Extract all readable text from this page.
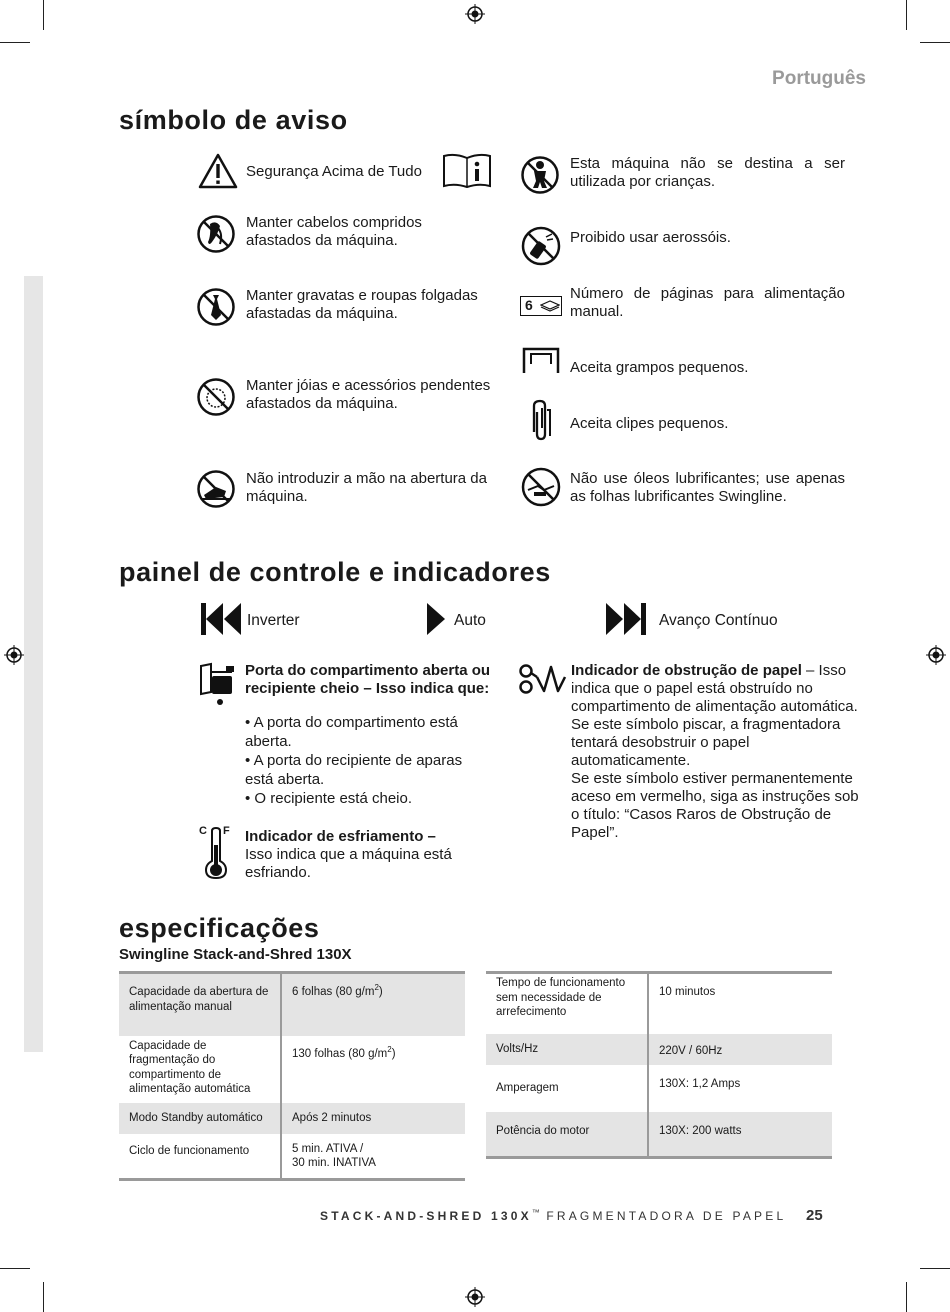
Português
símbolo de aviso
Segurança Acima de Tudo
Manter cabelos compridos afastados da máquina.
Manter gravatas e roupas folgadas afastadas da máquina.
Manter jóias e acessórios pendentes afastados da máquina.
Não introduzir a mão na abertura da máquina.
Esta máquina não se destina a ser utilizada por crianças.
Proibido usar aerossóis.
6
Número de páginas para alimentação manual.
Aceita grampos pequenos.
Aceita clipes pequenos.
Não use óleos lubrificantes; use apenas as folhas lubrificantes Swingline.
painel de controle e indicadores
Inverter	Auto	Avanço Contínuo
Porta do compartimento aberta ou recipiente cheio – Isso indica que:
• A porta do compartimento está aberta.
• A porta do recipiente de aparas está aberta.
• O recipiente está cheio.
C F Indicador de esfriamento –
Isso indica que a máquina está esfriando.
Indicador de obstrução de papel – Isso indica que o papel está obstruído no compartimento de alimentação automática.
Se este símbolo piscar, a fragmentadora tentará desobstruir o papel automaticamente.
Se este símbolo estiver permanentemente aceso em vermelho, siga as instruções sob o título: “Casos Raros de Obstrução de Papel”.
especificações
Swingline Stack-and-Shred 130X
Capacidade da abertura de alimentação manual	6 folhas (80 $g/m^2$)

Capacidade de fragmentação do compartimento de alimentação automática	130 folhas (80 $g/m^2$)

Modo Standby automático	Após 2 minutos

Ciclo de funcionamento	5 min. ATIVA /
30 min. INATIVA
Tempo de funcionamento sem necessidade de arrefecimento	10 minutos

Volts/Hz	220V / 60Hz

Amperagem	130X: 1,2 Amps

Potência do motor	130X: 200 watts
STACK-AND-SHRED 130X™ FRAGMENTADORA DE PAPEL 25
